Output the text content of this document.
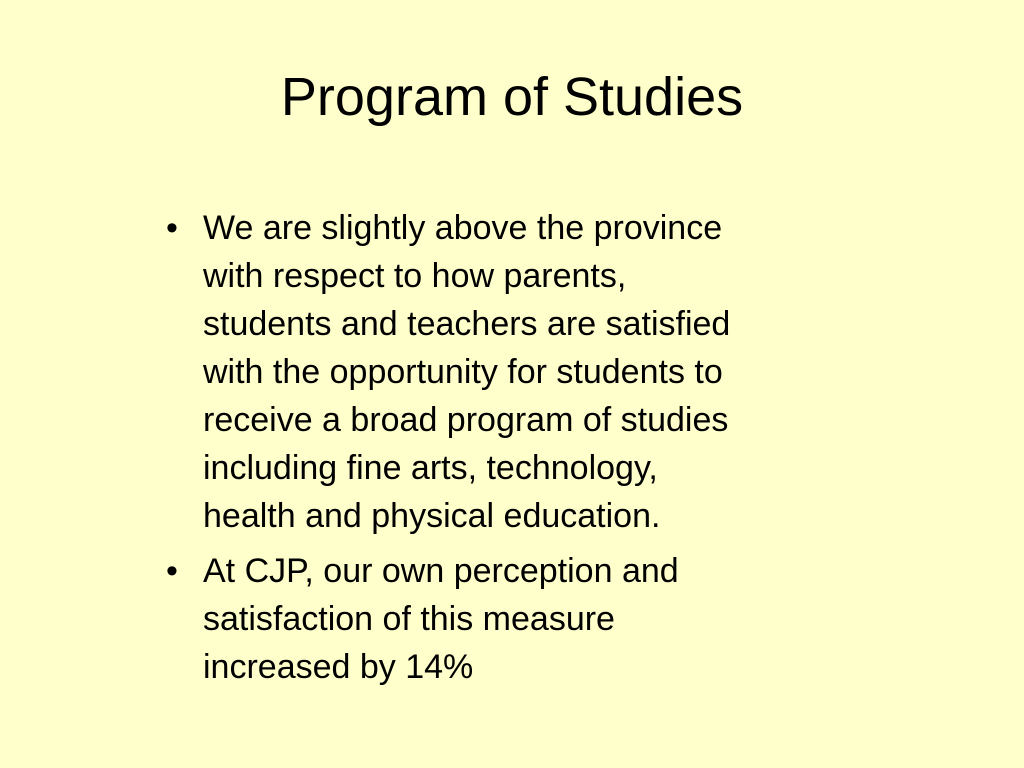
Program of Studies
• We are slightly above the province
with respect to how parents,
students and teachers are satisfied
with the opportunity for students to
receive a broad program of studies
including fine arts, technology,
health and physical education.
• At CJP, our own perception and
satisfaction of this measure
increased by 14%
